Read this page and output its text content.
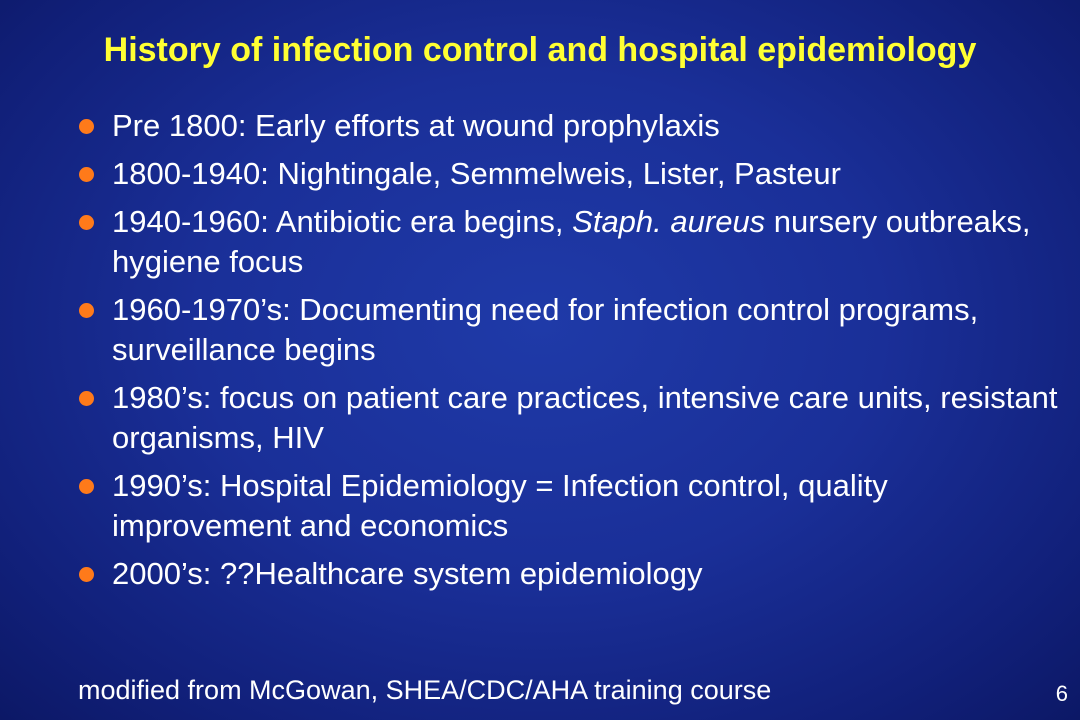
History of infection control and hospital epidemiology
Pre 1800: Early efforts at wound prophylaxis
1800-1940: Nightingale, Semmelweis, Lister, Pasteur
1940-1960: Antibiotic era begins, Staph. aureus nursery outbreaks, hygiene focus
1960-1970’s: Documenting need for infection control programs, surveillance begins
1980’s: focus on patient care practices, intensive care units, resistant organisms, HIV
1990’s: Hospital Epidemiology = Infection control, quality improvement and economics
2000’s: ??Healthcare system epidemiology
modified from McGowan, SHEA/CDC/AHA training course	6
